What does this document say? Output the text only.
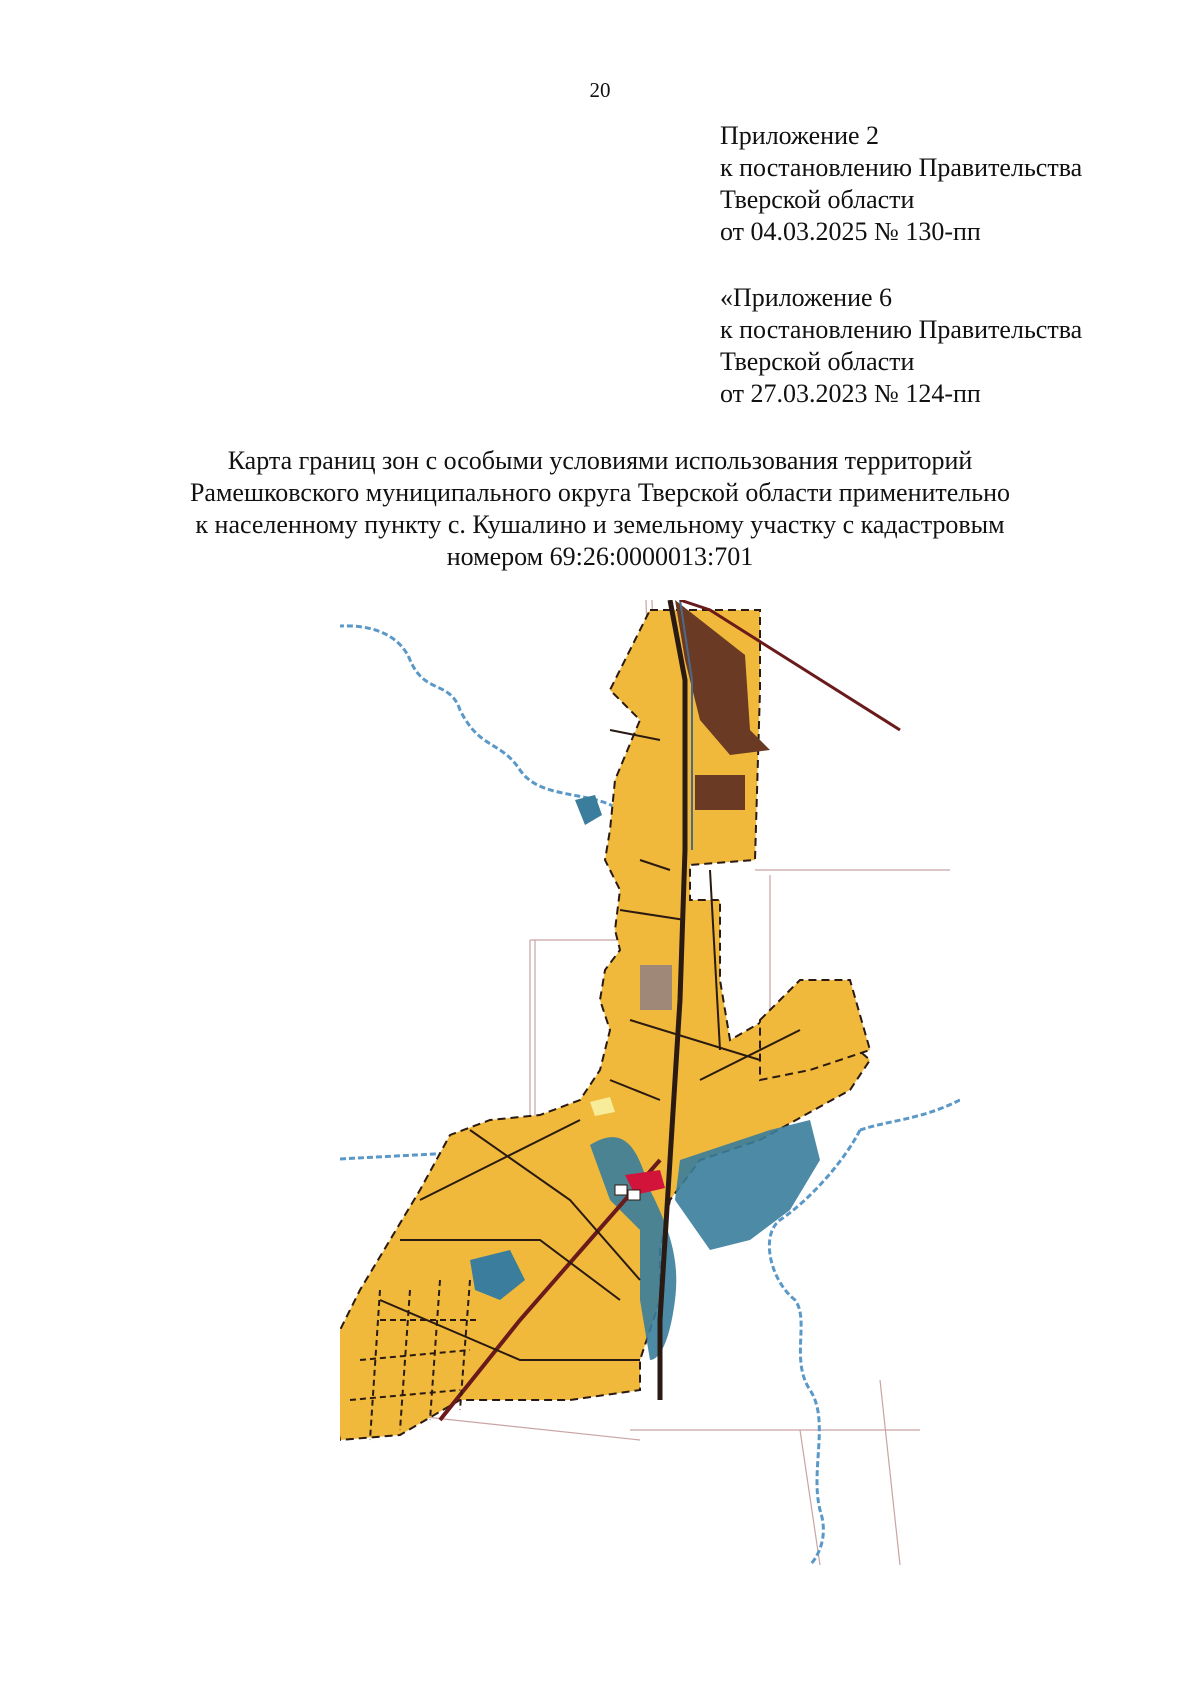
20
Приложение 2
к постановлению Правительства
Тверской области
от 04.03.2025 № 130-пп
«Приложение 6
к постановлению Правительства
Тверской области
от 27.03.2023 № 124-пп
Карта границ зон с особыми условиями использования территорий
Рамешковского муниципального округа Тверской области применительно
к населенному пункту с. Кушалино и земельному участку с кадастровым
номером 69:26:0000013:701
